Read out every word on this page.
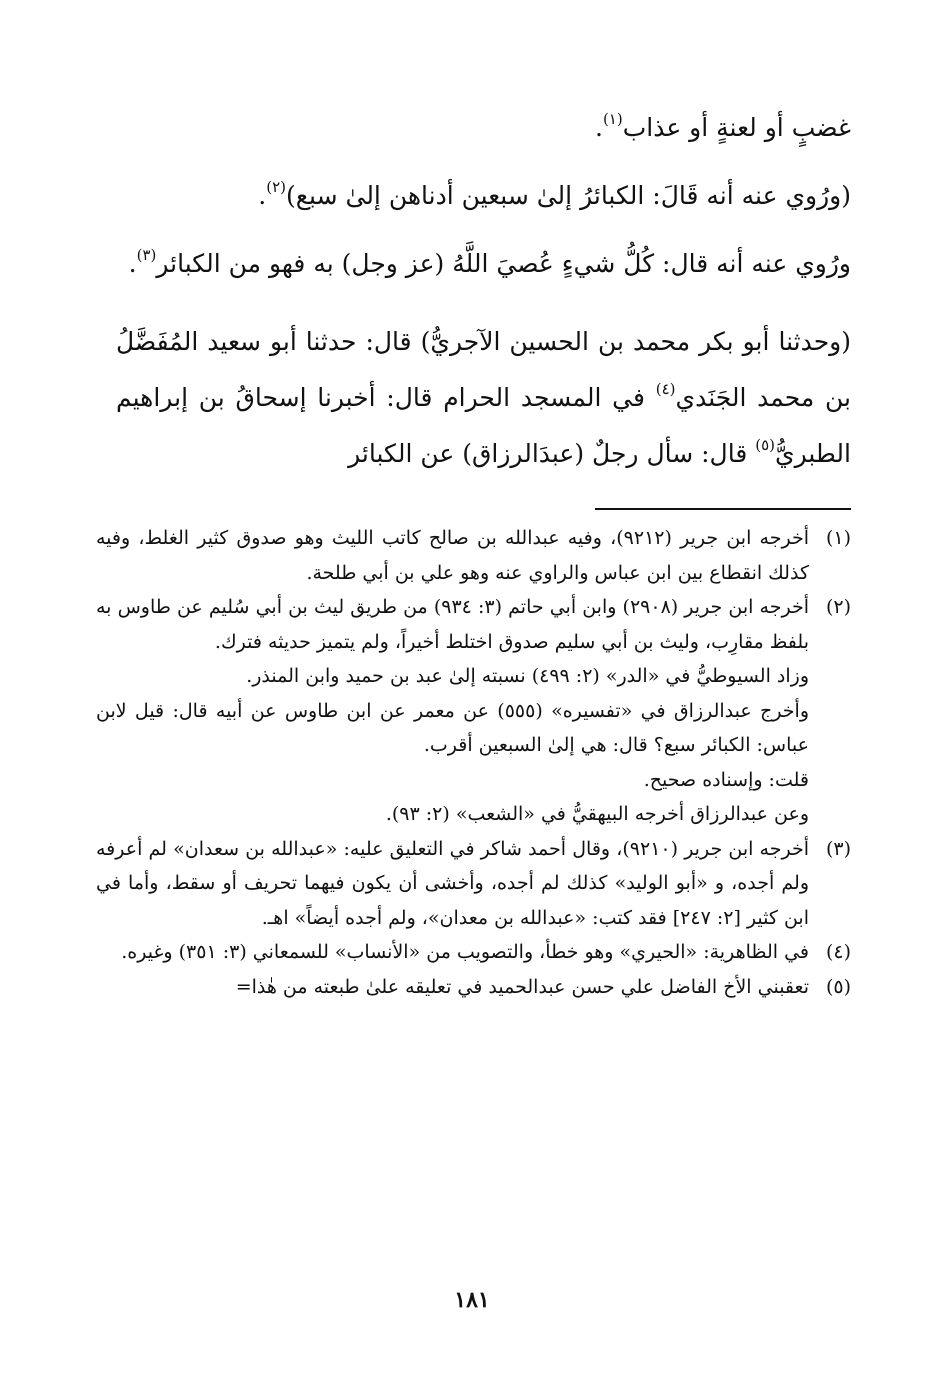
غضبٍ أو لعنةٍ أو عذاب$^{(١)}$.

(ورُوي عنه أنه قَالَ: الكبائرُ إلىٰ سبعين أدناهن إلىٰ سبع)$^{(٢)}$.

ورُوي عنه أنه قال: كُلُّ شيءٍ عُصيَ اللَّهُ (عز وجل) به فهو من الكبائر$^{(٣)}$.

(وحدثنا أبو بكر محمد بن الحسين الآجريُّ) قال: حدثنا أبو سعيد المُفَضَّلُ بن محمد الجَنَدي$^{(٤)}$ في المسجد الحرام قال: أخبرنا إسحاقُ بن إبراهيم الطبريُّ$^{(٥)}$ قال: سأل رجلٌ (عبدَالرزاق) عن الكبائر

(١)

أخرجه ابن جرير (٩٢١٢)، وفيه عبدالله بن صالح كاتب الليث وهو صدوق كثير الغلط، وفيه كذلك انقطاع بين ابن عباس والراوي عنه وهو علي بن أبي طلحة.

(٢)

أخرجه ابن جرير (٢٩٠٨) وابن أبي حاتم (٣: ٩٣٤) من طريق ليث بن أبي سُليم عن طاوس به بلفظ مقارِب، وليث بن أبي سليم صدوق اختلط أخيراً، ولم يتميز حديثه فترك.

وزاد السيوطيُّ في «الدر» (٢: ٤٩٩) نسبته إلىٰ عبد بن حميد وابن المنذر.

وأخرج عبدالرزاق في «تفسيره» (٥٥٥) عن معمر عن ابن طاوس عن أبيه قال: قيل لابن عباس: الكبائر سبع؟ قال: هي إلىٰ السبعين أقرب.

قلت: وإسناده صحيح.

وعن عبدالرزاق أخرجه البيهقيُّ في «الشعب» (٢: ٩٣).

(٣)

أخرجه ابن جرير (٩٢١٠)، وقال أحمد شاكر في التعليق عليه: «عبدالله بن سعدان» لم أعرفه ولم أجده، و «أبو الوليد» كذلك لم أجده، وأخشى أن يكون فيهما تحريف أو سقط، وأما في ابن كثير [٢: ٢٤٧] فقد كتب: «عبدالله بن معدان»، ولم أجده أيضاً» اهـ.

(٤)

في الظاهرية: «الحيري» وهو خطأ، والتصويب من «الأنساب» للسمعاني (٣: ٣٥١) وغيره.

(٥)

تعقبني الأخ الفاضل علي حسن عبدالحميد في تعليقه علىٰ طبعته من هٰذا=

١٨١
